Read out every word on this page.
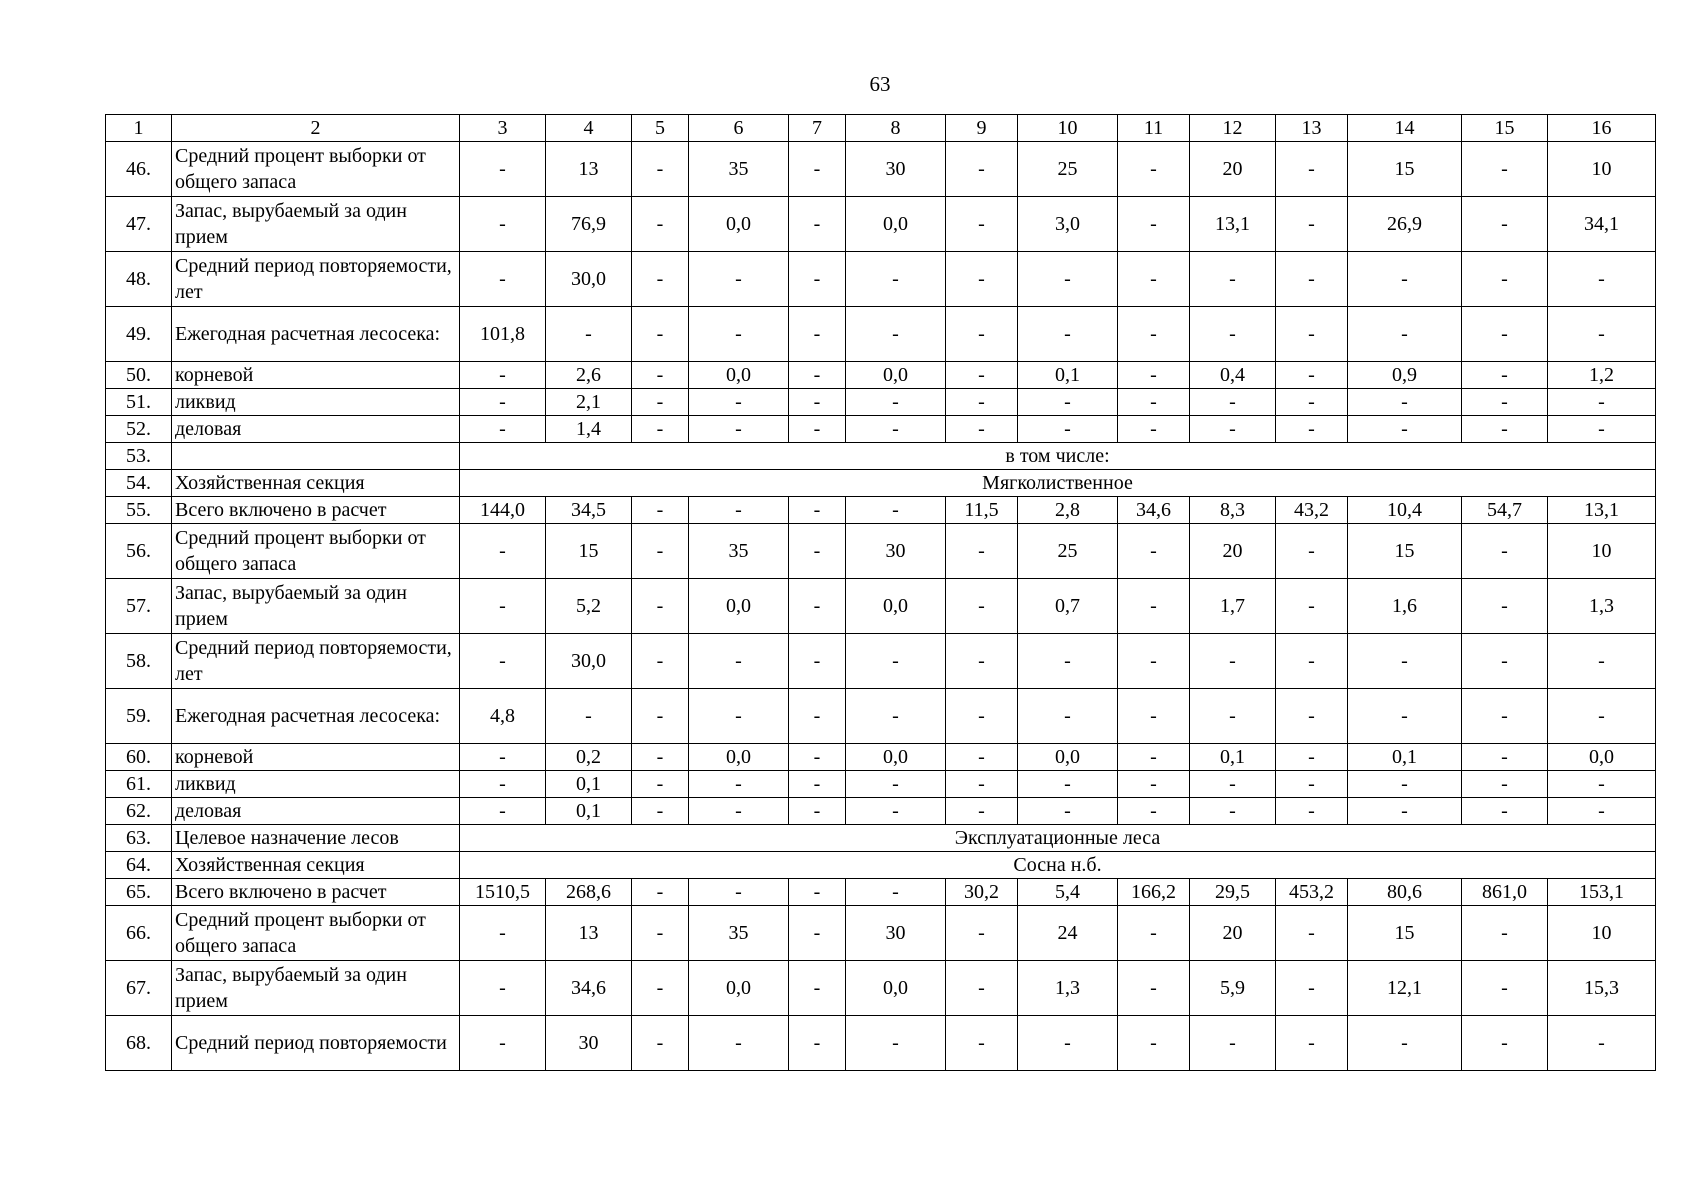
63
1	2	3	4	5	6	7	8	9	10	11	12	13	14	15	16
46.	Средний процент выборки от общего запаса	-	13	-	35	-	30	-	25	-	20	-	15	-	10
47.	Запас, вырубаемый за один прием	-	76,9	-	0,0	-	0,0	-	3,0	-	13,1	-	26,9	-	34,1
48.	Средний период повторяемости, лет	-	30,0	-	-	-	-	-	-	-	-	-	-	-	-
49.	Ежегодная расчетная лесосека:	101,8	-	-	-	-	-	-	-	-	-	-	-	-	-
50.	корневой	-	2,6	-	0,0	-	0,0	-	0,1	-	0,4	-	0,9	-	1,2
51.	ликвид	-	2,1	-	-	-	-	-	-	-	-	-	-	-	-
52.	деловая	-	1,4	-	-	-	-	-	-	-	-	-	-	-	-
53.		в том числе:													
54.	Хозяйственная секция	Мягколиственное													
55.	Всего включено в расчет	144,0	34,5	-	-	-	-	11,5	2,8	34,6	8,3	43,2	10,4	54,7	13,1
56.	Средний процент выборки от общего запаса	-	15	-	35	-	30	-	25	-	20	-	15	-	10
57.	Запас, вырубаемый за один прием	-	5,2	-	0,0	-	0,0	-	0,7	-	1,7	-	1,6	-	1,3
58.	Средний период повторяемости, лет	-	30,0	-	-	-	-	-	-	-	-	-	-	-	-
59.	Ежегодная расчетная лесосека:	4,8	-	-	-	-	-	-	-	-	-	-	-	-	-
60.	корневой	-	0,2	-	0,0	-	0,0	-	0,0	-	0,1	-	0,1	-	0,0
61.	ликвид	-	0,1	-	-	-	-	-	-	-	-	-	-	-	-
62.	деловая	-	0,1	-	-	-	-	-	-	-	-	-	-	-	-
63.	Целевое назначение лесов	Эксплуатационные леса													
64.	Хозяйственная секция	Сосна н.б.													
65.	Всего включено в расчет	1510,5	268,6	-	-	-	-	30,2	5,4	166,2	29,5	453,2	80,6	861,0	153,1
66.	Средний процент выборки от общего запаса	-	13	-	35	-	30	-	24	-	20	-	15	-	10
67.	Запас, вырубаемый за один прием	-	34,6	-	0,0	-	0,0	-	1,3	-	5,9	-	12,1	-	15,3
68.	Средний период повторяемости	-	30	-	-	-	-	-	-	-	-	-	-	-	-
